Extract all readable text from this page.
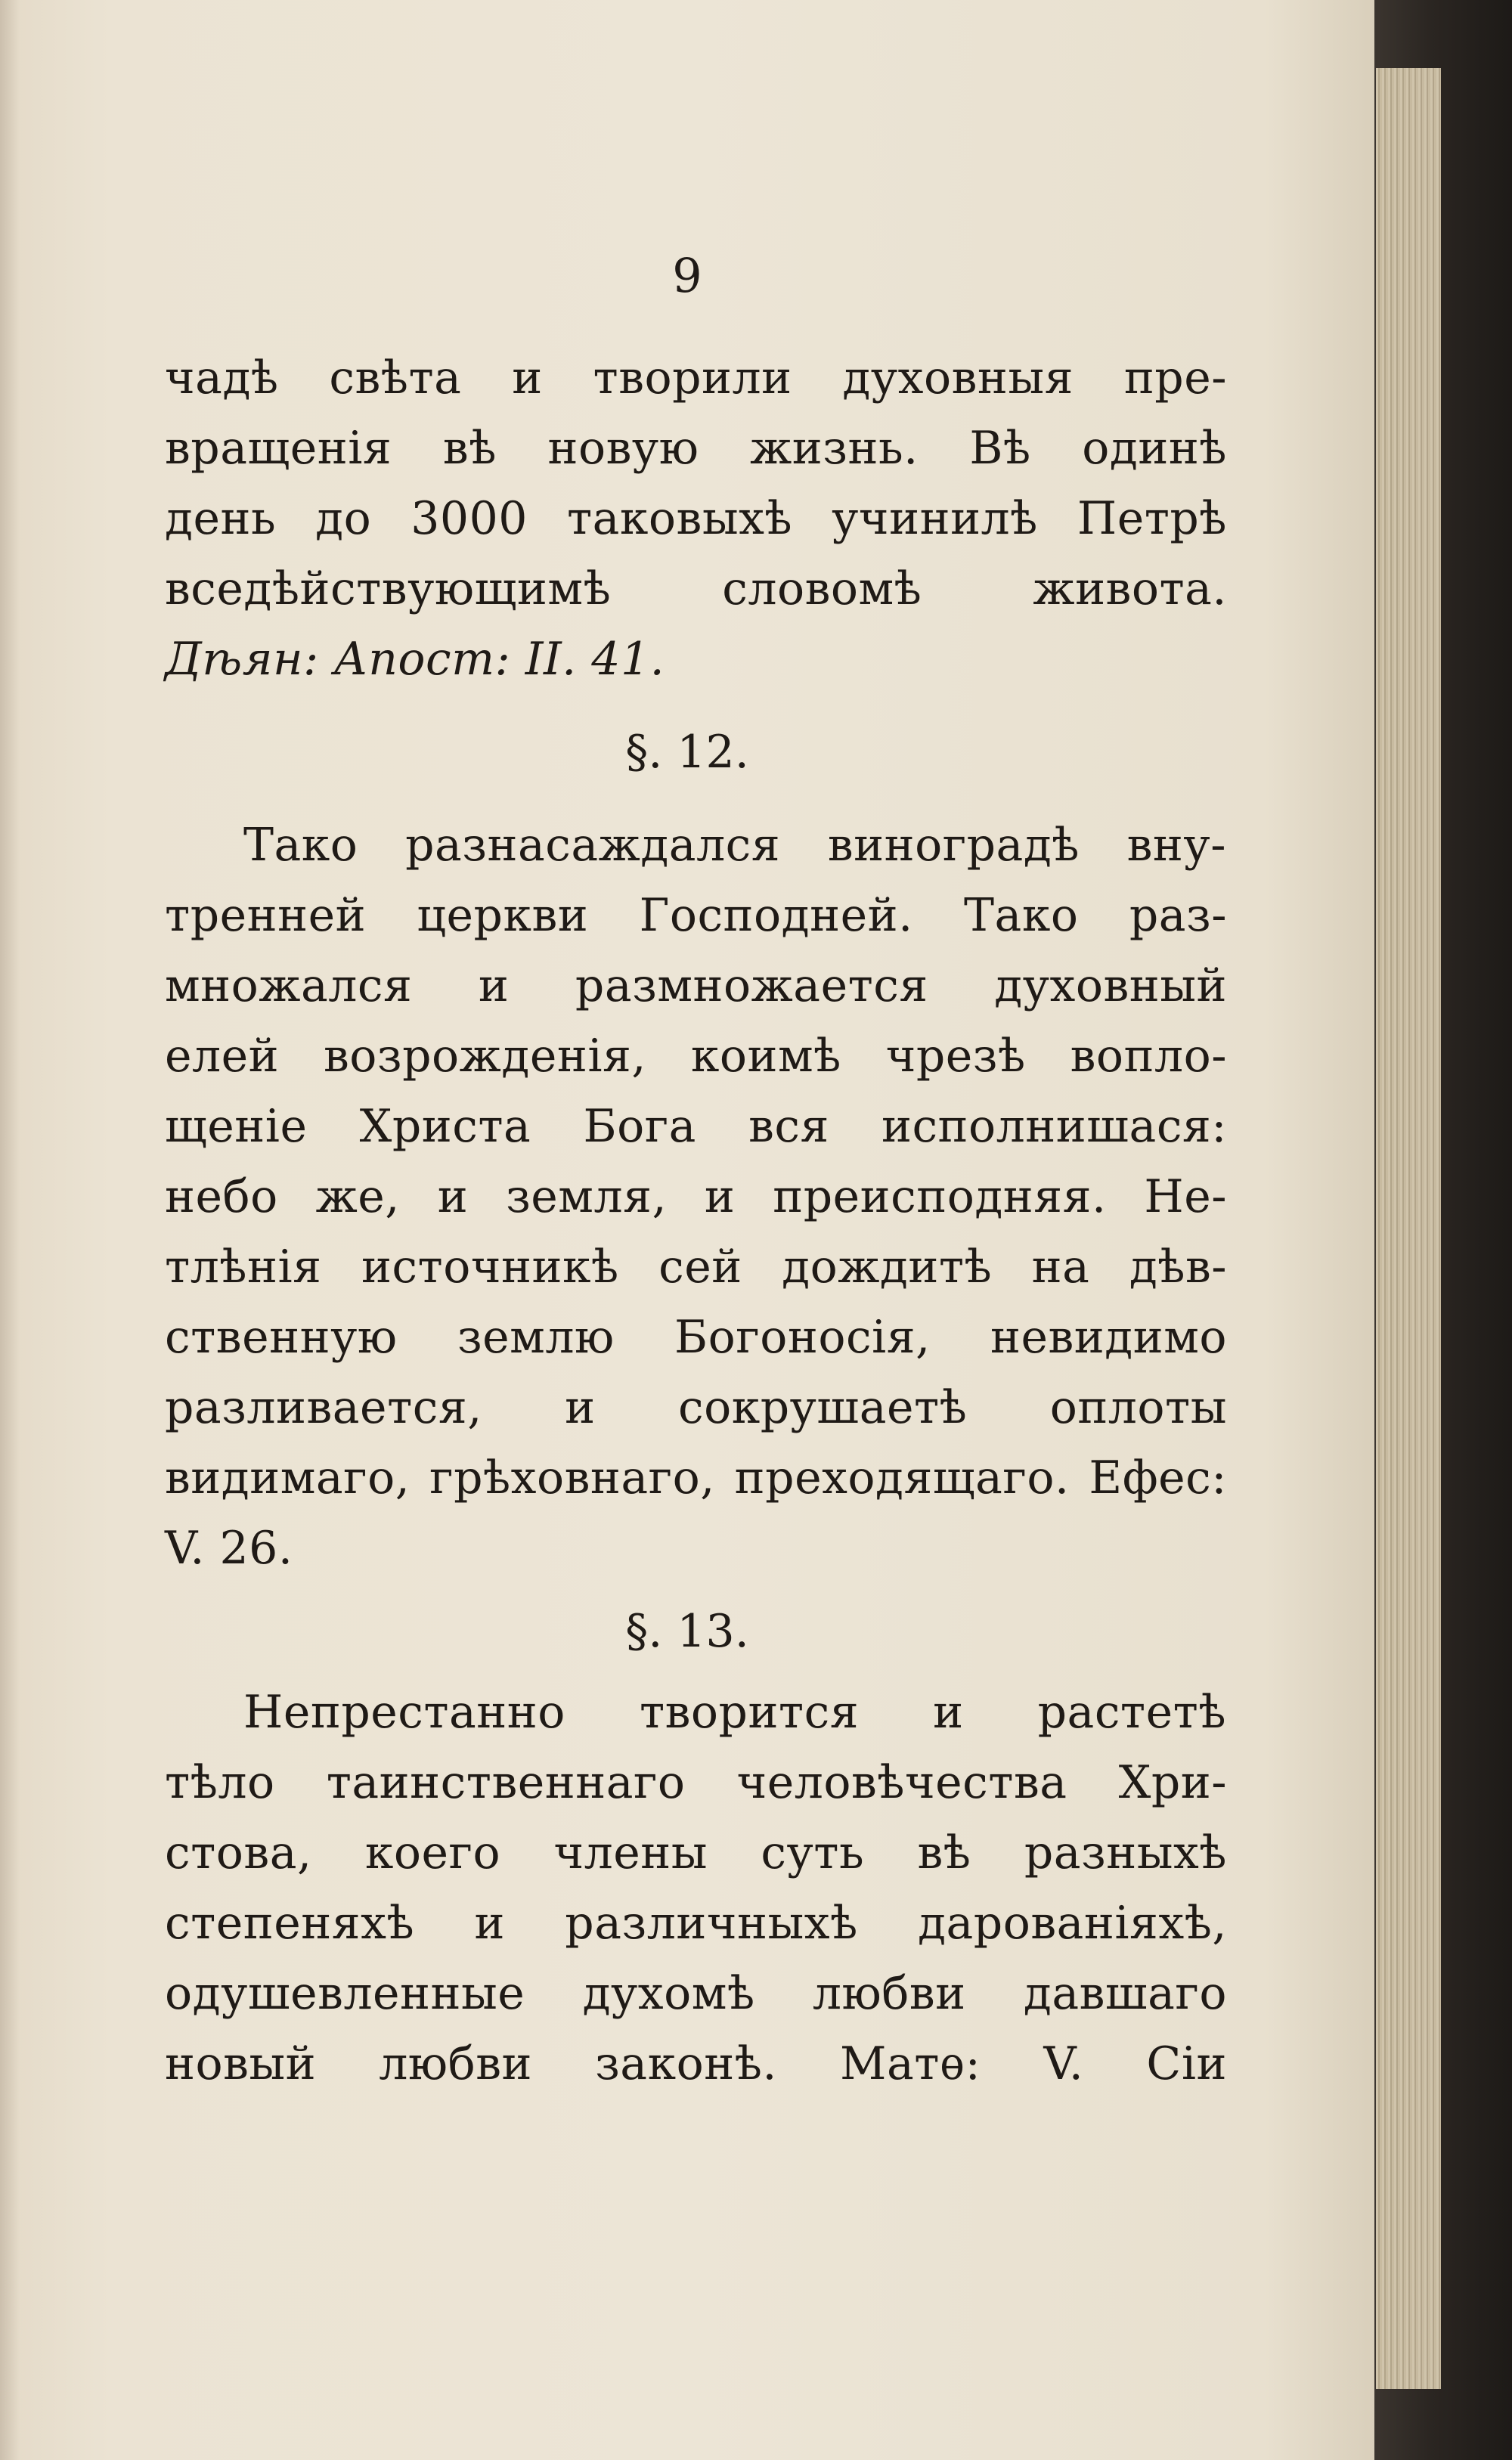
9
чадѣ свѣта и творили духовныя пре-
вращенія вѣ новую жизнь. Вѣ одинѣ
день до 3000 таковыхѣ учинилѣ Петрѣ
вседѣйствующимѣ словомѣ живота.
Дѣян: Апост: II. 41.
§. 12.
Тако разнасаждался виноградѣ вну-
тренней церкви Господней. Тако раз-
множался и размножается духовный
елей возрожденія, коимѣ чрезѣ вопло-
щеніе Христа Бога вся исполнишася:
небо же, и земля, и преисподняя. Не-
тлѣнія источникѣ сей дождитѣ на дѣв-
ственную землю Богоносія, невидимо
разливается, и сокрушаетѣ оплоты
видимаго, грѣховнаго, преходящаго. Ефес:
V. 26.
§. 13.
Непрестанно творится и растетѣ
тѣло таинственнаго человѣчества Хри-
стова, коего члены суть вѣ разныхѣ
степеняхѣ и различныхѣ дарованіяхѣ,
одушевленные духомѣ любви давшаго
новый любви законѣ. Матѳ: V. Сіи
